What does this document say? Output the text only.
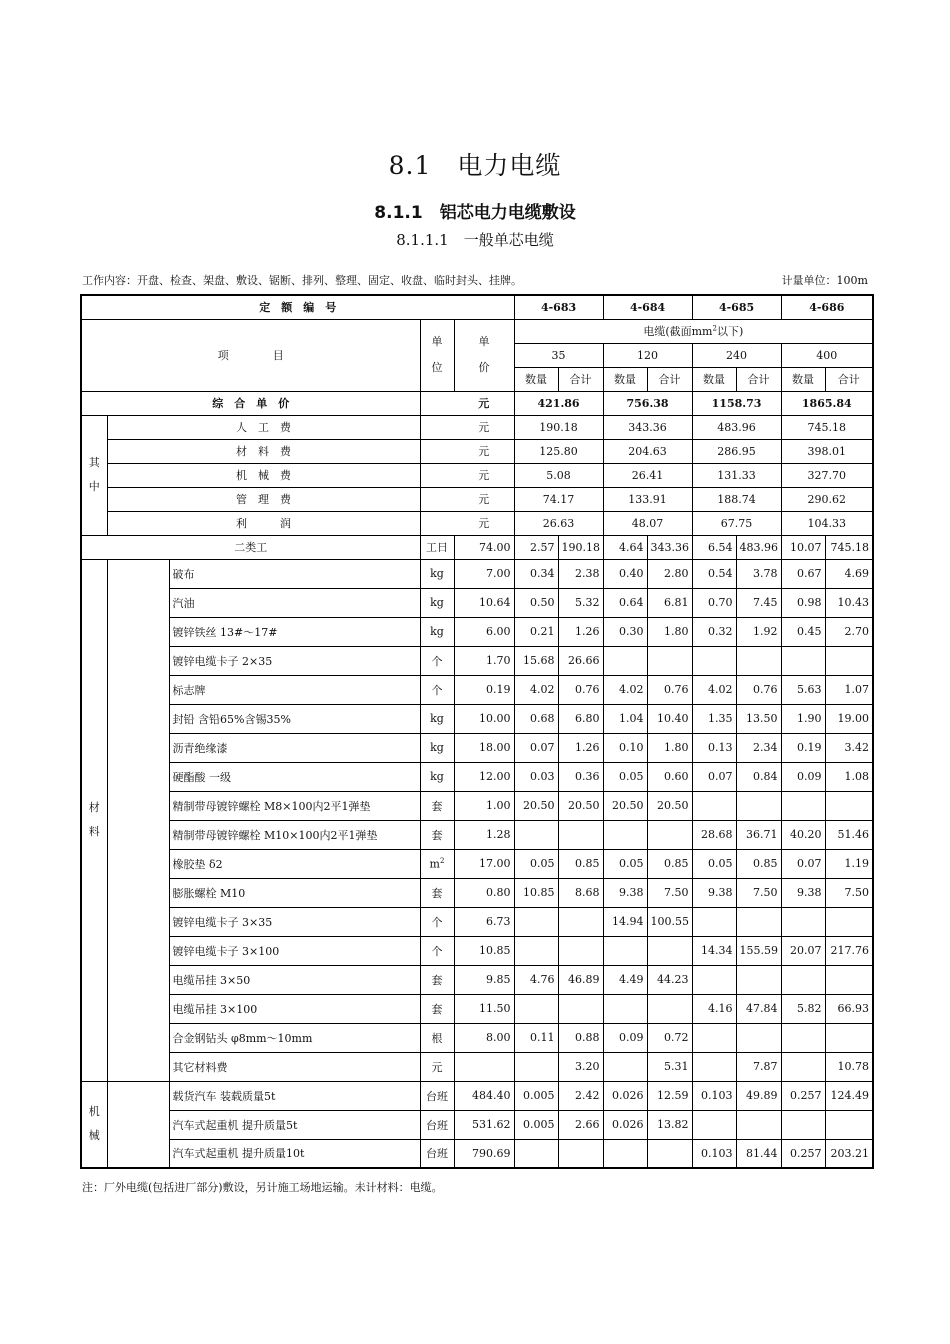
8.1　电力电缆
8.1.1　铝芯电力电缆敷设
8.1.1.1　一般单芯电缆
工作内容：开盘、检查、架盘、敷设、锯断、排列、整理、固定、收盘、临时封头、挂牌。	计量单位：100m
定　额　编　号					4-683		4-684		4-685		4-686	
项　　　　目			单位	单价	电缆(截面$mm^2$以下)							
					35		120		240		400	
					数量	合计	数量	合计	数量	合计	数量	合计
综　合　单　价				元	421.86		756.38		1158.73		1865.84	
其中	人　工　费			元	190.18		343.36		483.96		745.18	
	材　料　费			元	125.80		204.63		286.95		398.01	
	机　械　费			元	5.08		26.41		131.33		327.70	
	管　理　费			元	74.17		133.91		188.74		290.62	
	利　　　润			元	26.63		48.07		67.75		104.33	
二类工			工日	74.00	2.57	190.18	4.64	343.36	6.54	483.96	10.07	745.18
材料		破布	kg	7.00	0.34	2.38	0.40	2.80	0.54	3.78	0.67	4.69
		汽油	kg	10.64	0.50	5.32	0.64	6.81	0.70	7.45	0.98	10.43
		镀锌铁丝 13#～17#	kg	6.00	0.21	1.26	0.30	1.80	0.32	1.92	0.45	2.70
		镀锌电缆卡子 2×35	个	1.70	15.68	26.66						
		标志牌	个	0.19	4.02	0.76	4.02	0.76	4.02	0.76	5.63	1.07
		封铅 含铅65%含锡35%	kg	10.00	0.68	6.80	1.04	10.40	1.35	13.50	1.90	19.00
		沥青绝缘漆	kg	18.00	0.07	1.26	0.10	1.80	0.13	2.34	0.19	3.42
		硬酯酸 一级	kg	12.00	0.03	0.36	0.05	0.60	0.07	0.84	0.09	1.08
		精制带母镀锌螺栓 M8×100内2平1弹垫	套	1.00	20.50	20.50	20.50	20.50				
		精制带母镀锌螺栓 M10×100内2平1弹垫	套	1.28					28.68	36.71	40.20	51.46
		橡胶垫 δ2	$m^2$	17.00	0.05	0.85	0.05	0.85	0.05	0.85	0.07	1.19
		膨胀螺栓 M10	套	0.80	10.85	8.68	9.38	7.50	9.38	7.50	9.38	7.50
		镀锌电缆卡子 3×35	个	6.73			14.94	100.55				
		镀锌电缆卡子 3×100	个	10.85					14.34	155.59	20.07	217.76
		电缆吊挂 3×50	套	9.85	4.76	46.89	4.49	44.23				
		电缆吊挂 3×100	套	11.50					4.16	47.84	5.82	66.93
		合金钢钻头 φ8mm～10mm	根	8.00	0.11	0.88	0.09	0.72				
		其它材料费	元			3.20		5.31		7.87		10.78
机械		载货汽车 装载质量5t	台班	484.40	0.005	2.42	0.026	12.59	0.103	49.89	0.257	124.49
		汽车式起重机 提升质量5t	台班	531.62	0.005	2.66	0.026	13.82				
		汽车式起重机 提升质量10t	台班	790.69					0.103	81.44	0.257	203.21
注：厂外电缆(包括进厂部分)敷设，另计施工场地运输。未计材料：电缆。
